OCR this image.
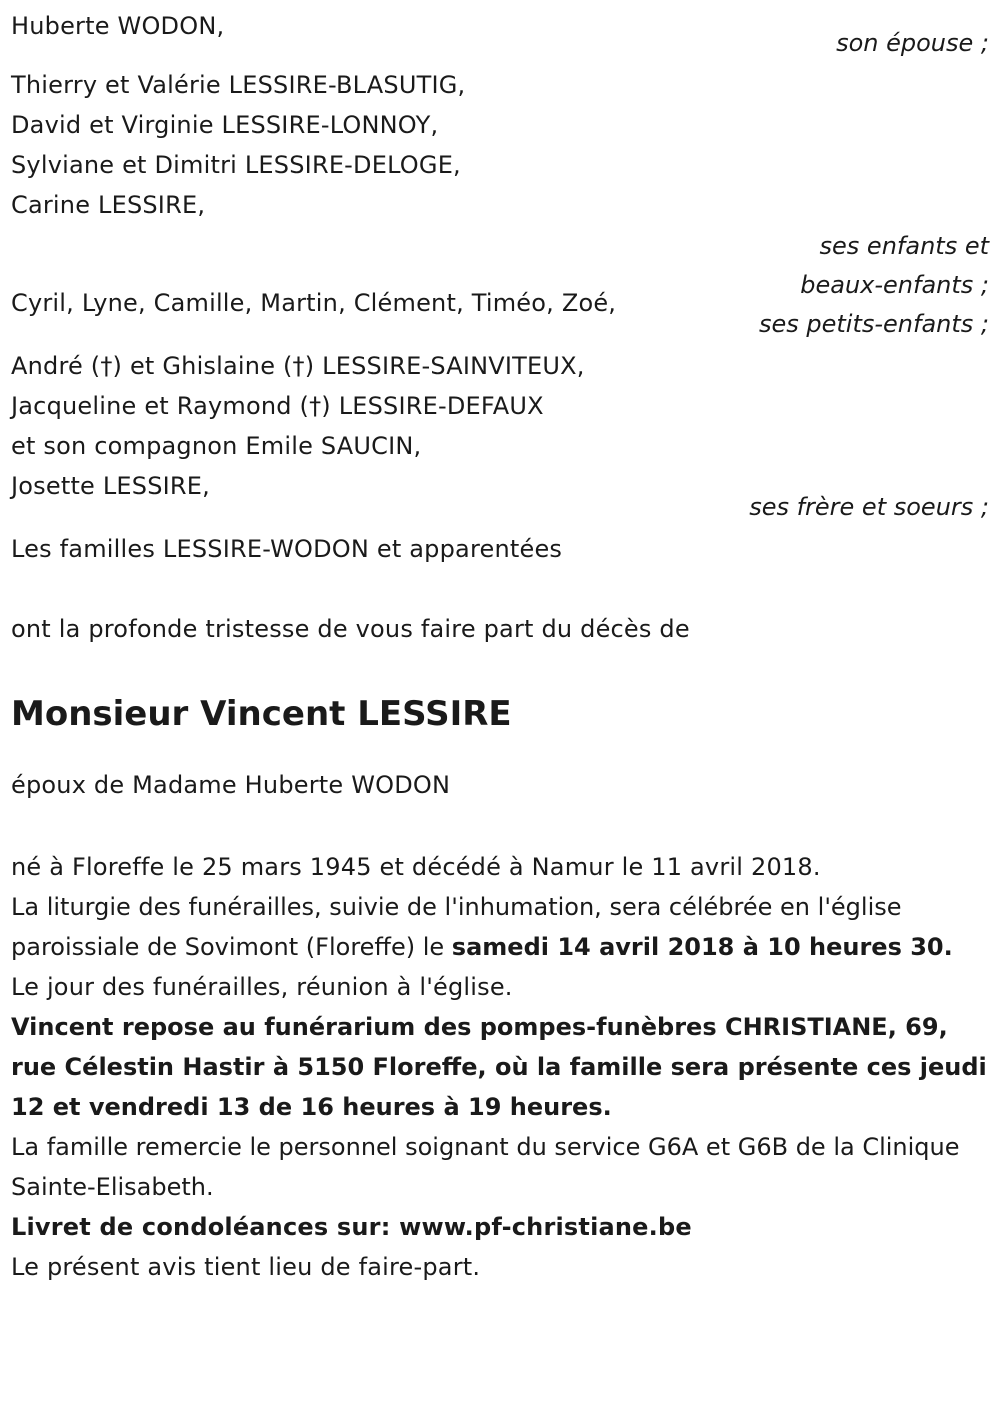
Huberte WODON,
son épouse ;
Thierry et Valérie LESSIRE-BLASUTIG,
David et Virginie LESSIRE-LONNOY,
Sylviane et Dimitri LESSIRE-DELOGE,
Carine LESSIRE,
ses enfants et
beaux-enfants ;
Cyril, Lyne, Camille, Martin, Clément, Timéo, Zoé,
ses petits-enfants ;
André (†) et Ghislaine (†) LESSIRE-SAINVITEUX,
Jacqueline et Raymond (†) LESSIRE-DEFAUX
et son compagnon Emile SAUCIN,
Josette LESSIRE,
ses frère et soeurs ;
Les familles LESSIRE-WODON et apparentées
ont la profonde tristesse de vous faire part du décès de
Monsieur Vincent LESSIRE
époux de Madame Huberte WODON
né à Floreffe le 25 mars 1945 et décédé à Namur le 11 avril 2018.
La liturgie des funérailles, suivie de l'inhumation, sera célébrée en l'église paroissiale de Sovimont (Floreffe) le samedi 14 avril 2018 à 10 heures 30.
Le jour des funérailles, réunion à l'église.
Vincent repose au funérarium des pompes-funèbres CHRISTIANE, 69, rue Célestin Hastir à 5150 Floreffe, où la famille sera présente ces jeudi 12 et vendredi 13 de 16 heures à 19 heures.
La famille remercie le personnel soignant du service G6A et G6B de la Clinique Sainte-Elisabeth.
Livret de condoléances sur: www.pf-christiane.be
Le présent avis tient lieu de faire-part.
